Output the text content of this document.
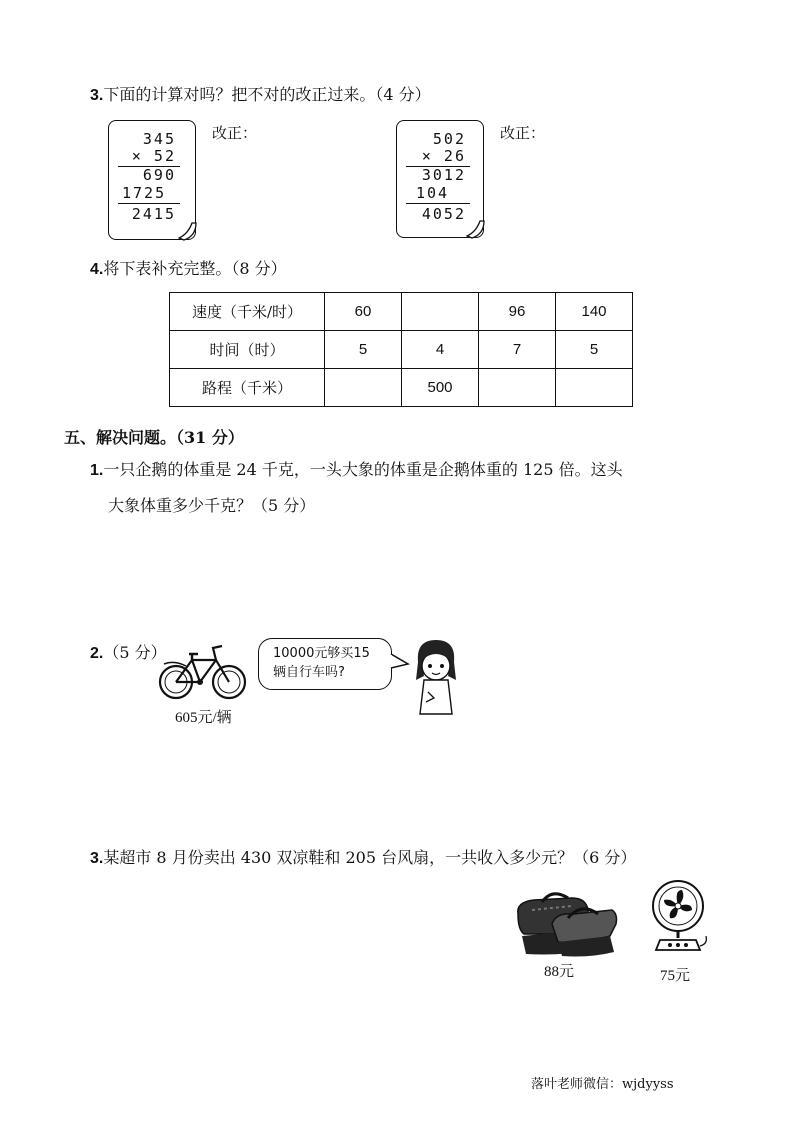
3.下面的计算对吗？把不对的改正过来。（4 分）
345
× 52
690
1725
2415
改正：	502
× 26
3012
104
4052
改正：
4.将下表补充完整。（8 分）
速度（千米/时）	60		96	140
时间（时）	5	4	7	5
路程（千米）		500		
五、解决问题。（31 分）
1.一只企鹅的体重是 24 千克，一头大象的体重是企鹅体重的 125 倍。这头
大象体重多少千克？（5 分）
2.（5 分）
605元/辆
10000元够买15
辆自行车吗?
3.某超市 8 月份卖出 430 双凉鞋和 205 台风扇，一共收入多少元？（6 分）
88元	75元
落叶老师微信：wjdyyss
